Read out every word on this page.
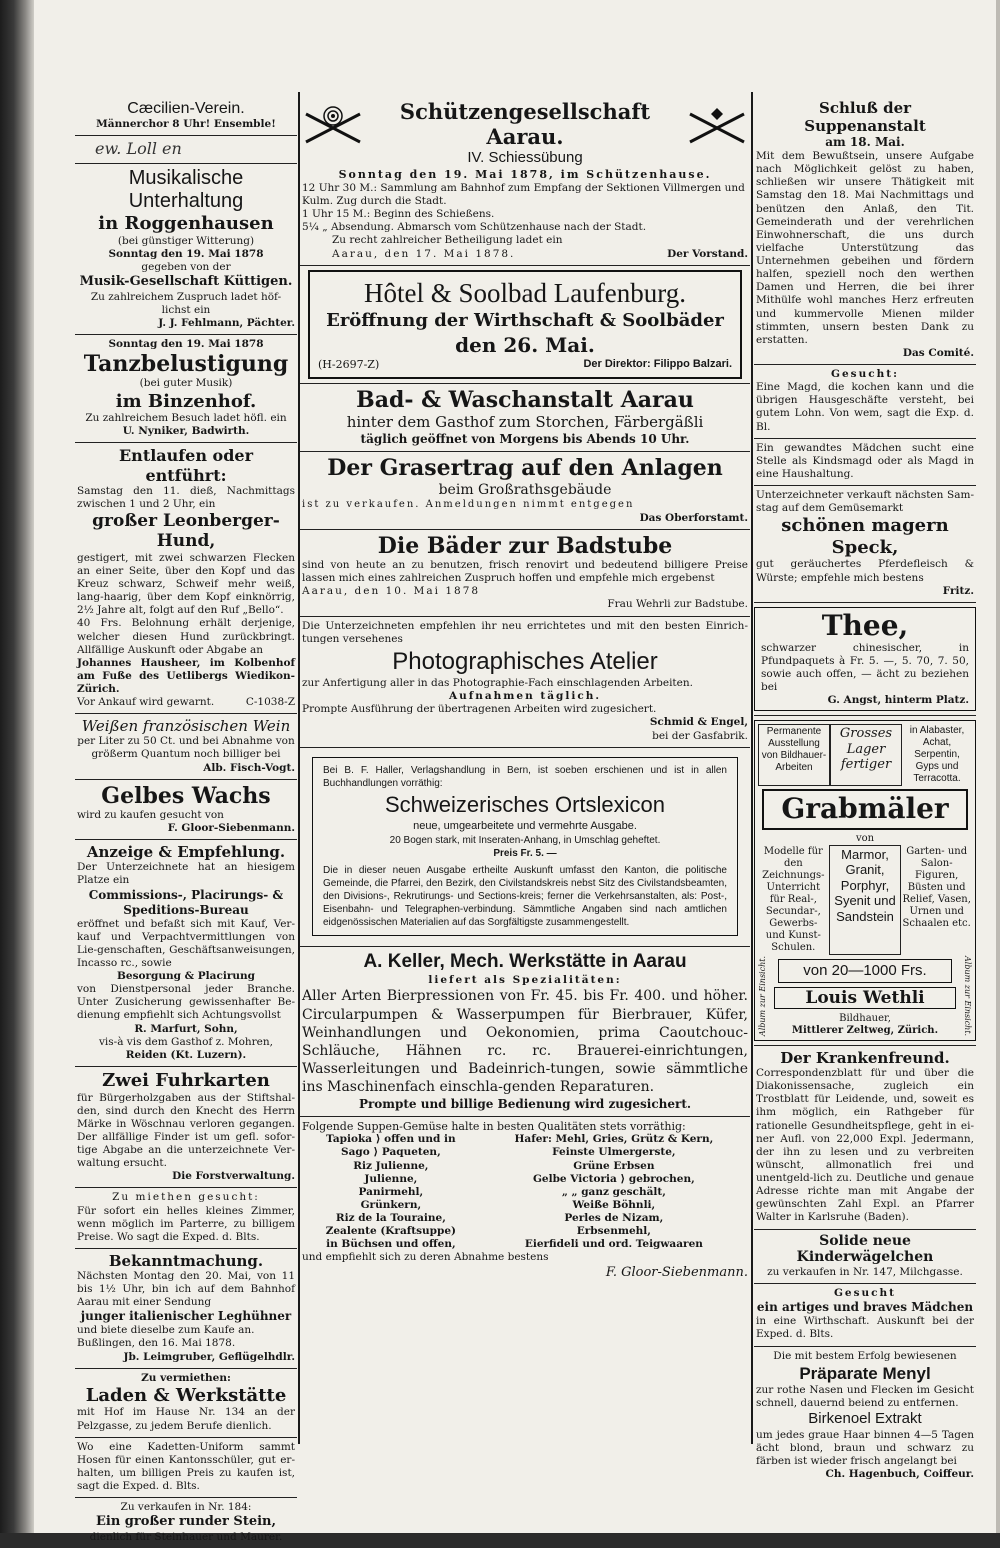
Cæcilien-Verein.
Männerchor 8 Uhr! Ensemble!
ew. Loll en
Musikalische Unterhaltung
in Roggenhausen
(bei günstiger Witterung)
Sonntag den 19. Mai 1878
gegeben von der
Musik-Gesellschaft Küttigen.
Zu zahlreichem Zuspruch ladet höf-lichst ein
J. J. Fehlmann, Pächter.
Sonntag den 19. Mai 1878
Tanzbelustigung
(bei guter Musik)
im Binzenhof.
Zu zahlreichem Besuch ladet höfl. ein
U. Nyniker, Badwirth.
Entlaufen oder entführt:
Samstag den 11. dieß, Nachmittags zwischen 1 und 2 Uhr, ein
großer Leonberger-Hund,
gestigert, mit zwei schwarzen Flecken an einer Seite, über den Kopf und das Kreuz schwarz, Schweif mehr weiß, lang-haarig, über dem Kopf einknörrig, 2½ Jahre alt, folgt auf den Ruf „Bello“.
40 Frs. Belohnung erhält derjenige, welcher diesen Hund zurückbringt. Allfällige Auskunft oder Abgabe an
Johannes Hausheer, im Kolbenhof am Fuße des Uetlibergs Wiedikon-Zürich.
Vor Ankauf wird gewarnt.	C-1038-Z
Weißen französischen Wein
per Liter zu 50 Ct. und bei Abnahme von größerm Quantum noch billiger bei
Alb. Fisch-Vogt.
Gelbes Wachs
wird zu kaufen gesucht von
F. Gloor-Siebenmann.
Anzeige & Empfehlung.
Der Unterzeichnete hat an hiesigem Platze ein
Commissions-, Placirungs- & Speditions-Bureau
eröffnet und befaßt sich mit Kauf, Ver-kauf und Verpachtvermittlungen von Lie-genschaften, Geschäftsanweisungen, Incasso rc., sowie
Besorgung & Placirung
von Dienstpersonal jeder Branche. Unter Zusicherung gewissenhafter Be-dienung empfiehlt sich Achtungsvollst
R. Marfurt, Sohn,
vis-à vis dem Gasthof z. Mohren,
Reiden (Kt. Luzern).
Zwei Fuhrkarten
für Bürgerholzgaben aus der Stiftshal-den, sind durch den Knecht des Herrn Märke in Wöschnau verloren gegangen. Der allfällige Finder ist um gefl. sofor-tige Abgabe an die unterzeichnete Ver-waltung ersucht.
Die Forstverwaltung.
Zu miethen gesucht:
Für sofort ein helles kleines Zimmer, wenn möglich im Parterre, zu billigem Preise. Wo sagt die Exped. d. Blts.
Bekanntmachung.
Nächsten Montag den 20. Mai, von 11 bis 1½ Uhr, bin ich auf dem Bahnhof Aarau mit einer Sendung
junger italienischer Leghühner
und biete dieselbe zum Kaufe an.
Bußlingen, den 16. Mai 1878.
Jb. Leimgruber, Geflügelhdlr.
Zu vermiethen:
Laden & Werkstätte
mit Hof im Hause Nr. 134 an der Pelzgasse, zu jedem Berufe dienlich.
Wo eine Kadetten-Uniform sammt Hosen für einen Kantonsschüler, gut er-halten, um billigen Preis zu kaufen ist, sagt die Exped. d. Blts.
Zu verkaufen in Nr. 184:
Ein großer runder Stein,
dienlich für Steinhauer und Maurer.
Schützengesellschaft Aarau.
IV. Schiessübung
Sonntag den 19. Mai 1878, im Schützenhause.
12 Uhr 30 M.: Sammlung am Bahnhof zum Empfang der Sektionen Villmergen und Kulm. Zug durch die Stadt.
1 Uhr 15 M.: Beginn des Schießens.
5¼ „ Absendung. Abmarsch vom Schützenhause nach der Stadt.
Zu recht zahlreicher Betheiligung ladet ein
Aarau, den 17. Mai 1878.	Der Vorstand.
Hôtel & Soolbad Laufenburg.
Eröffnung der Wirthschaft & Soolbäder
den 26. Mai.
(H-2697-Z)	Der Direktor: Filippo Balzari.
Bad- & Waschanstalt Aarau
hinter dem Gasthof zum Storchen, Färbergäßli
täglich geöffnet von Morgens bis Abends 10 Uhr.
Der Grasertrag auf den Anlagen
beim Großrathsgebäude
ist zu verkaufen. Anmeldungen nimmt entgegen
Das Oberforstamt.
Die Bäder zur Badstube
sind von heute an zu benutzen, frisch renovirt und bedeutend billigere Preise lassen mich eines zahlreichen Zuspruch hoffen und empfehle mich ergebenst
Aarau, den 10. Mai 1878
Frau Wehrli zur Badstube.
Die Unterzeichneten empfehlen ihr neu errichtetes und mit den besten Einrich-tungen versehenes
Photographisches Atelier
zur Anfertigung aller in das Photographie-Fach einschlagenden Arbeiten.
Aufnahmen täglich.
Prompte Ausführung der übertragenen Arbeiten wird zugesichert.
Schmid & Engel,
bei der Gasfabrik.
Bei B. F. Haller, Verlagshandlung in Bern, ist soeben erschienen und ist in allen Buchhandlungen vorräthig:
Schweizerisches Ortslexicon
neue, umgearbeitete und vermehrte Ausgabe.
20 Bogen stark, mit Inseraten-Anhang, in Umschlag geheftet.
Preis Fr. 5. —
Die in dieser neuen Ausgabe ertheilte Auskunft umfasst den Kanton, die politische Gemeinde, die Pfarrei, den Bezirk, den Civilstandskreis nebst Sitz des Civilstandsbeamten, den Divisions-, Rekrutirungs- und Sections-kreis; ferner die Verkehrsanstalten, als: Post-, Eisenbahn- und Telegraphen-verbindung. Sämmtliche Angaben sind nach amtlichen eidgenössischen Materialien auf das Sorgfältigste zusammengestellt.
A. Keller, Mech. Werkstätte in Aarau
liefert als Spezialitäten:
Aller Arten Bierpressionen von Fr. 45. bis Fr. 400. und höher. Circularpumpen & Wasserpumpen für Bierbrauer, Küfer, Weinhandlungen und Oekonomien, prima Caoutchouc-Schläuche, Hähnen rc. rc. Brauerei-einrichtungen, Wasserleitungen und Badeinrich-tungen, sowie sämmtliche ins Maschinenfach einschla-genden Reparaturen.
Prompte und billige Bedienung wird zugesichert.
Folgende Suppen-Gemüse halte in besten Qualitäten stets vorräthig:
Tapioka ⟩ offen und in	Hafer: Mehl, Gries, Grütz & Kern,
Sago ⟩ Paqueten,	Feinste Ulmergerste,
Riz Julienne,	Grüne Erbsen
Julienne,	Gelbe Victoria ⟩ gebrochen,
Panirmehl,	„ „ ganz geschält,
Grünkern,	Weiße Böhnli,
Riz de la Touraine,	Perles de Nizam,
Zealente (Kraftsuppe)	Erbsenmehl,
in Büchsen und offen,	Eierfideli und ord. Teigwaaren
und empfiehlt sich zu deren Abnahme bestens
F. Gloor-Siebenmann.
Schluß der Suppenanstalt
am 18. Mai.
Mit dem Bewußtsein, unsere Aufgabe nach Möglichkeit gelöst zu haben, schließen wir unsere Thätigkeit mit Samstag den 18. Mai Nachmittags und benützen den Anlaß, den Tit. Gemeinderath und der verehrlichen Einwohnerschaft, die uns durch vielfache Unterstützung das Unternehmen gebeihen und fördern halfen, speziell noch den werthen Damen und Herren, die bei ihrer Mithülfe wohl manches Herz erfreuten und kummervolle Mienen milder stimmten, unsern besten Dank zu erstatten.
Das Comité.
Gesucht:
Eine Magd, die kochen kann und die übrigen Hausgeschäfte versteht, bei gutem Lohn. Von wem, sagt die Exp. d. Bl.
Ein gewandtes Mädchen sucht eine Stelle als Kindsmagd oder als Magd in eine Haushaltung.
Unterzeichneter verkauft nächsten Sam-stag auf dem Gemüsemarkt
schönen magern Speck,
gut geräuchertes Pferdefleisch & Würste; empfehle mich bestens
Fritz.
Thee,
schwarzer chinesischer, in Pfundpaquets à Fr. 5. —, 5. 70, 7. 50, sowie auch offen, — ächt zu beziehen bei
G. Angst, hinterm Platz.
Permanente Ausstellung von Bildhauer-Arbeiten
Grosses Lager fertiger
in Alabaster, Achat, Serpentin, Gyps und Terracotta.
Grabmäler
von
Modelle für den Zeichnungs-Unterricht für Real-, Secundar-, Gewerbs- und Kunst-Schulen.
Marmor, Granit, Porphyr, Syenit und Sandstein
Garten- und Salon-Figuren, Büsten und Relief, Vasen, Urnen und Schaalen etc.
Album zur Einsicht.	von 20—1000 Frs.
Louis Wethli
Bildhauer,
Mittlerer Zeltweg, Zürich.	Album zur Einsicht.
Der Krankenfreund.
Correspondenzblatt für und über die Diakonissensache, zugleich ein Trostblatt für Leidende, und, soweit es ihm möglich, ein Rathgeber für rationelle Gesundheitspflege, geht in ei-ner Aufl. von 22,000 Expl. Jedermann, der ihn zu lesen und zu verbreiten wünscht, allmonatlich frei und unentgeld-lich zu. Deutliche und genaue Adresse richte man mit Angabe der gewünschten Zahl Expl. an Pfarrer Walter in Karlsruhe (Baden).
Solide neue Kinderwägelchen
zu verkaufen in Nr. 147, Milchgasse.
Gesucht
ein artiges und braves Mädchen
in eine Wirthschaft. Auskunft bei der Exped. d. Blts.
Die mit bestem Erfolg bewiesenen
Präparate Menyl
zur rothe Nasen und Flecken im Gesicht schnell, dauernd beiend zu entfernen.
Birkenoel Extrakt
um jedes graue Haar binnen 4—5 Tagen ächt blond, braun und schwarz zu färben ist wieder frisch angelangt bei
Ch. Hagenbuch, Coiffeur.
